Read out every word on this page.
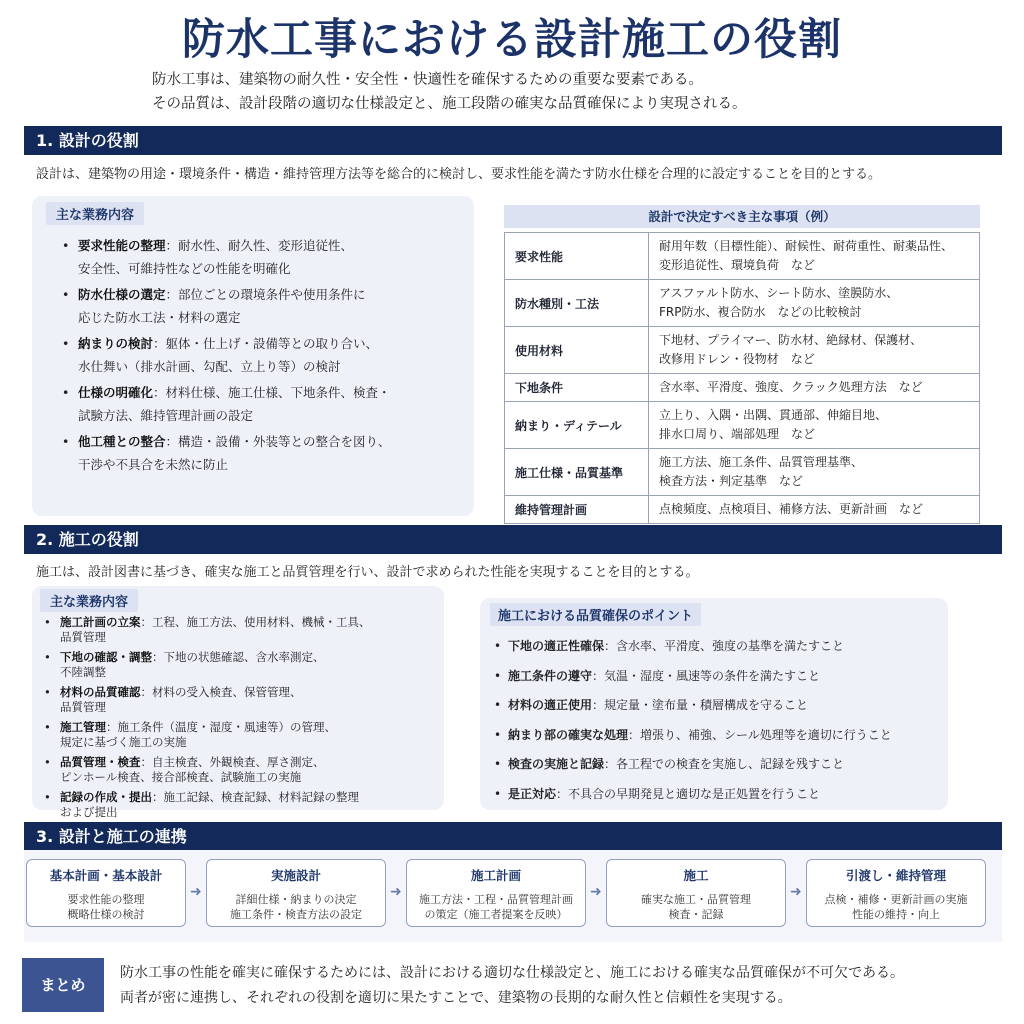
防水工事における設計施工の役割
防水工事は、建築物の耐久性・安全性・快適性を確保するための重要な要素である。
その品質は、設計段階の適切な仕様設定と、施工段階の確実な品質確保により実現される。
1. 設計の役割
設計は、建築物の用途・環境条件・構造・維持管理方法等を総合的に検討し、要求性能を満たす防水仕様を合理的に設定することを目的とする。
主な業務内容
• 要求性能の整理：耐水性、耐久性、変形追従性、
安全性、可維持性などの性能を明確化
• 防水仕様の選定：部位ごとの環境条件や使用条件に
応じた防水工法・材料の選定
• 納まりの検討：躯体・仕上げ・設備等との取り合い、
水仕舞い（排水計画、勾配、立上り等）の検討
• 仕様の明確化：材料仕様、施工仕様、下地条件、検査・
試験方法、維持管理計画の設定
• 他工種との整合：構造・設備・外装等との整合を図り、
干渉や不具合を未然に防止
設計で決定すべき主な事項（例）
要求性能	耐用年数（目標性能）、耐候性、耐荷重性、耐薬品性、
変形追従性、環境負荷　など
防水種別・工法	アスファルト防水、シート防水、塗膜防水、
FRP防水、複合防水　などの比較検討
使用材料	下地材、プライマー、防水材、絶縁材、保護材、
改修用ドレン・役物材　など
下地条件	含水率、平滑度、強度、クラック処理方法　など
納まり・ディテール	立上り、入隅・出隅、貫通部、伸縮目地、
排水口周り、端部処理　など
施工仕様・品質基準	施工方法、施工条件、品質管理基準、
検査方法・判定基準　など
維持管理計画	点検頻度、点検項目、補修方法、更新計画　など
2. 施工の役割
施工は、設計図書に基づき、確実な施工と品質管理を行い、設計で求められた性能を実現することを目的とする。
主な業務内容
• 施工計画の立案：工程、施工方法、使用材料、機械・工具、
品質管理
• 下地の確認・調整：下地の状態確認、含水率測定、
不陸調整
• 材料の品質確認：材料の受入検査、保管管理、
品質管理
• 施工管理：施工条件（温度・湿度・風速等）の管理、
規定に基づく施工の実施
• 品質管理・検査：自主検査、外観検査、厚さ測定、
ピンホール検査、接合部検査、試験施工の実施
• 記録の作成・提出：施工記録、検査記録、材料記録の整理
および提出
施工における品質確保のポイント
• 下地の適正性確保：含水率、平滑度、強度の基準を満たすこと
• 施工条件の遵守：気温・湿度・風速等の条件を満たすこと
• 材料の適正使用：規定量・塗布量・積層構成を守ること
• 納まり部の確実な処理：増張り、補強、シール処理等を適切に行うこと
• 検査の実施と記録：各工程での検査を実施し、記録を残すこと
• 是正対応：不具合の早期発見と適切な是正処置を行うこと
3. 設計と施工の連携
基本計画・基本設計
要求性能の整理
概略仕様の検討
➜
実施設計
詳細仕様・納まりの決定
施工条件・検査方法の設定
➜
施工計画
施工方法・工程・品質管理計画
の策定（施工者提案を反映）
➜
施工
確実な施工・品質管理
検査・記録
➜
引渡し・維持管理
点検・補修・更新計画の実施
性能の維持・向上
まとめ
防水工事の性能を確実に確保するためには、設計における適切な仕様設定と、施工における確実な品質確保が不可欠である。
両者が密に連携し、それぞれの役割を適切に果たすことで、建築物の長期的な耐久性と信頼性を実現する。
